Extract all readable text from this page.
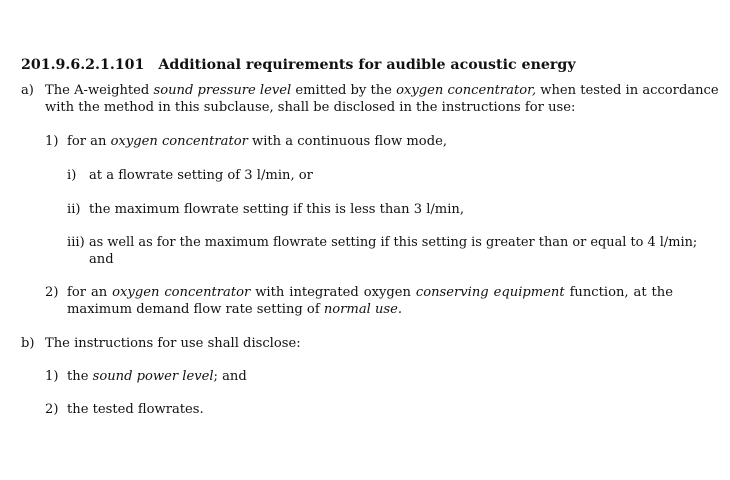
201.9.6.2.1.101 Additional requirements for audible acoustic energy
a) The A-weighted sound pressure level emitted by the oxygen concentrator, when tested in accordance
with the method in this subclause, shall be disclosed in the instructions for use:
1) for an oxygen concentrator with a continuous flow mode,
i) at a flowrate setting of 3 l/min, or
ii) the maximum flowrate setting if this is less than 3 l/min,
iii) as well as for the maximum flowrate setting if this setting is greater than or equal to 4 l/min;
and
2) for an oxygen concentrator with integrated oxygen conserving equipment function, at the
maximum demand flow rate setting of normal use.
b) The instructions for use shall disclose:
1) the sound power level; and
2) the tested flowrates.
